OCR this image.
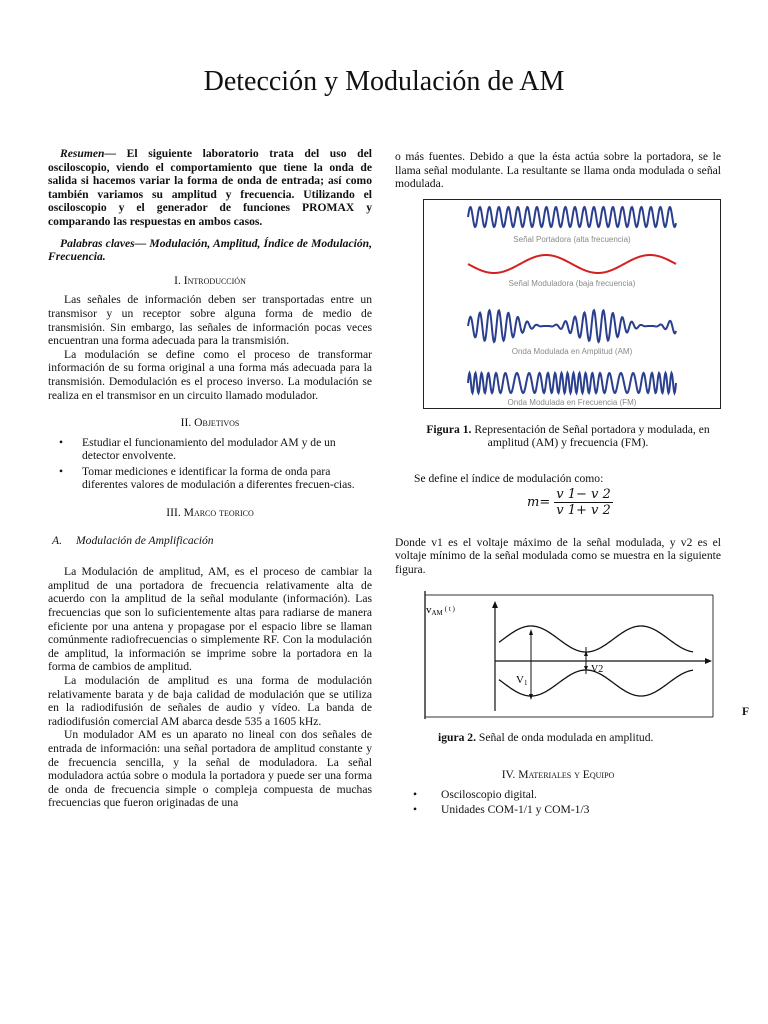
Detección y Modulación de AM

Resumen— El siguiente laboratorio trata del uso del osciloscopio, viendo el comportamiento que tiene la onda de salida si hacemos variar la forma de onda de entrada; así como también variamos su amplitud y frecuencia. Utilizando el osciloscopio y el generador de funciones PROMAX y comparando las respuestas en ambos casos.

Palabras claves— Modulación, Amplitud, Índice de Modulación, Frecuencia.

I. Introducción

Las señales de información deben ser transportadas entre un transmisor y un receptor sobre alguna forma de medio de transmisión. Sin embargo, las señales de información pocas veces encuentran una forma adecuada para la transmisión.

La modulación se define como el proceso de transformar información de su forma original a una forma más adecuada para la transmisión. Demodulación es el proceso inverso. La modulación se realiza en el transmisor en un circuito llamado modulador.

II. Objetivos
• Estudiar el funcionamiento del modulador AM y de un detector envolvente.
• Tomar mediciones e identificar la forma de onda para diferentes valores de modulación a diferentes frecuen-cias.
III. Marco teorico
A. Modulación de Amplificación

La Modulación de amplitud, AM, es el proceso de cambiar la amplitud de una portadora de frecuencia relativamente alta de acuerdo con la amplitud de la señal modulante (información). Las frecuencias que son lo suficientemente altas para radiarse de manera eficiente por una antena y propagase por el espacio libre se llaman comúnmente radiofrecuencias o simplemente RF. Con la modulación de amplitud, la información se imprime sobre la portadora en la forma de cambios de amplitud.

La modulación de amplitud es una forma de modulación relativamente barata y de baja calidad de modulación que se utiliza en la radiodifusión de señales de audio y vídeo. La banda de radiodifusión comercial AM abarca desde 535 a 1605 kHz.

Un modulador AM es un aparato no lineal con dos señales de entrada de información: una señal portadora de amplitud constante y de frecuencia sencilla, y la señal de moduladora. La señal moduladora actúa sobre o modula la portadora y puede ser una forma de onda de frecuencia simple o compleja compuesta de muchas frecuencias que fueron originadas de una

o más fuentes. Debido a que la ésta actúa sobre la portadora, se le llama señal modulante. La resultante se llama onda modulada o señal modulada.

Señal Portadora (alta frecuencia)
Señal Moduladora (baja frecuencia)
Onda Modulada en Amplitud (AM)
Onda Modulada en Frecuencia (FM)

Figura 1. Representación de Señal portadora y modulada, en amplitud (AM) y frecuencia (FM).

Se define el índice de modulación como:

$m= \frac{v 1- v 2}{v 1+ v 2}$

Donde v1 es el voltaje máximo de la señal modulada, y v2 es el voltaje mínimo de la señal modulada como se muestra en la siguiente figura.

vAM $^{( t )}$
V1
V2
F

igura 2. Señal de onda modulada en amplitud.

IV. Materiales y Equipo
• Osciloscopio digital.
• Unidades COM-1/1 y COM-1/3
